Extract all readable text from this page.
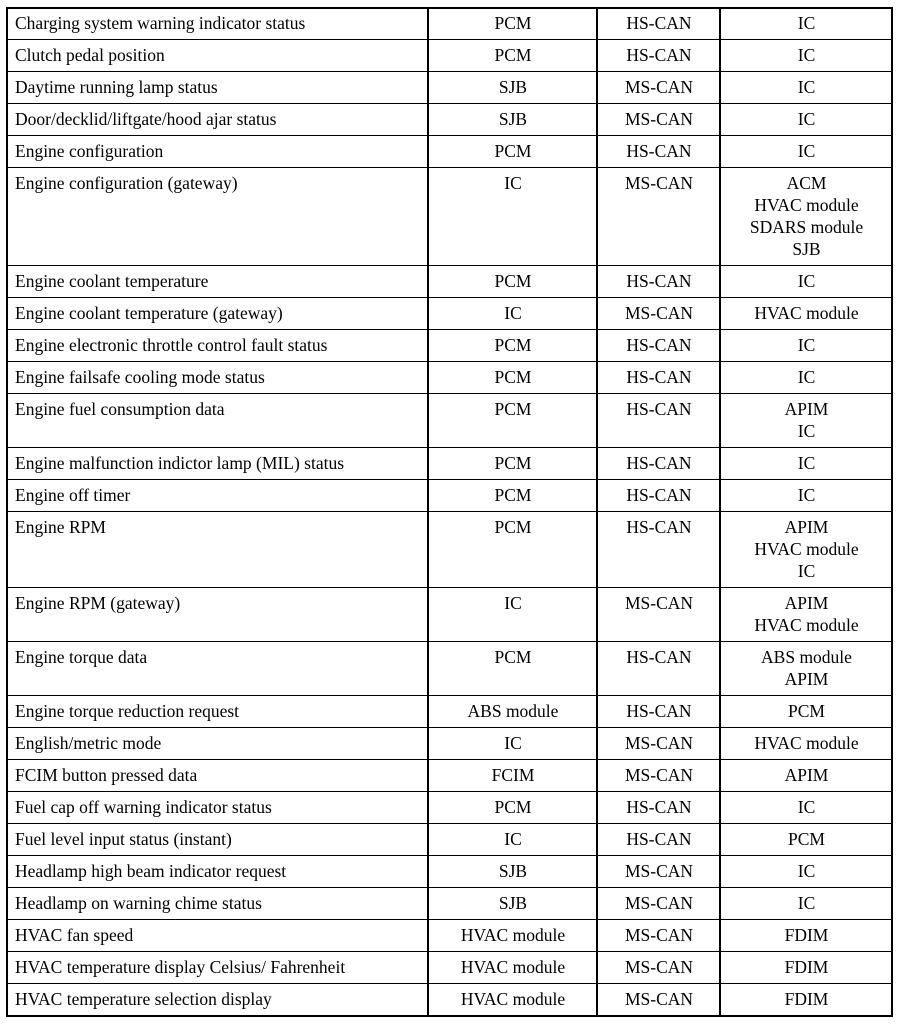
Charging system warning indicator status	PCM	HS-CAN	IC

Clutch pedal position	PCM	HS-CAN	IC

Daytime running lamp status	SJB	MS-CAN	IC

Door/decklid/liftgate/hood ajar status	SJB	MS-CAN	IC

Engine configuration	PCM	HS-CAN	IC

Engine configuration (gateway)	IC	MS-CAN	ACM
HVAC module
SDARS module
SJB

Engine coolant temperature	PCM	HS-CAN	IC

Engine coolant temperature (gateway)	IC	MS-CAN	HVAC module

Engine electronic throttle control fault status	PCM	HS-CAN	IC

Engine failsafe cooling mode status	PCM	HS-CAN	IC

Engine fuel consumption data	PCM	HS-CAN	APIM
IC

Engine malfunction indictor lamp (MIL) status	PCM	HS-CAN	IC

Engine off timer	PCM	HS-CAN	IC

Engine RPM	PCM	HS-CAN	APIM
HVAC module
IC

Engine RPM (gateway)	IC	MS-CAN	APIM
HVAC module

Engine torque data	PCM	HS-CAN	ABS module
APIM

Engine torque reduction request	ABS module	HS-CAN	PCM

English/metric mode	IC	MS-CAN	HVAC module

FCIM button pressed data	FCIM	MS-CAN	APIM

Fuel cap off warning indicator status	PCM	HS-CAN	IC

Fuel level input status (instant)	IC	HS-CAN	PCM

Headlamp high beam indicator request	SJB	MS-CAN	IC

Headlamp on warning chime status	SJB	MS-CAN	IC

HVAC fan speed	HVAC module	MS-CAN	FDIM

HVAC temperature display Celsius/ Fahrenheit	HVAC module	MS-CAN	FDIM

HVAC temperature selection display	HVAC module	MS-CAN	FDIM
